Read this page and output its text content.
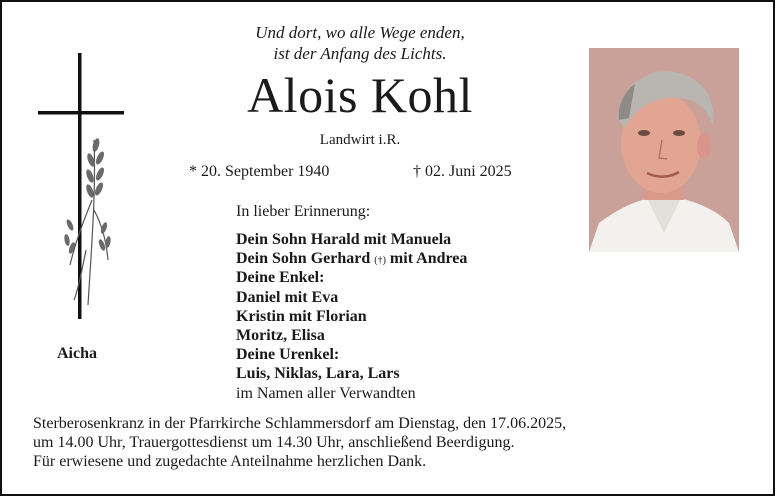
Aicha
Und dort, wo alle Wege enden,
ist der Anfang des Lichts.
Alois Kohl
Landwirt i.R.
* 20. September 1940	† 02. Juni 2025
In lieber Erinnerung:
Dein Sohn Harald mit Manuela
Dein Sohn Gerhard (†) mit Andrea
Deine Enkel:
Daniel mit Eva
Kristin mit Florian
Moritz, Elisa
Deine Urenkel:
Luis, Niklas, Lara, Lars
im Namen aller Verwandten
Sterberosenkranz in der Pfarrkirche Schlammersdorf am Dienstag, den 17.06.2025,
um 14.00 Uhr, Trauergottesdienst um 14.30 Uhr, anschließend Beerdigung.
Für erwiesene und zugedachte Anteilnahme herzlichen Dank.
